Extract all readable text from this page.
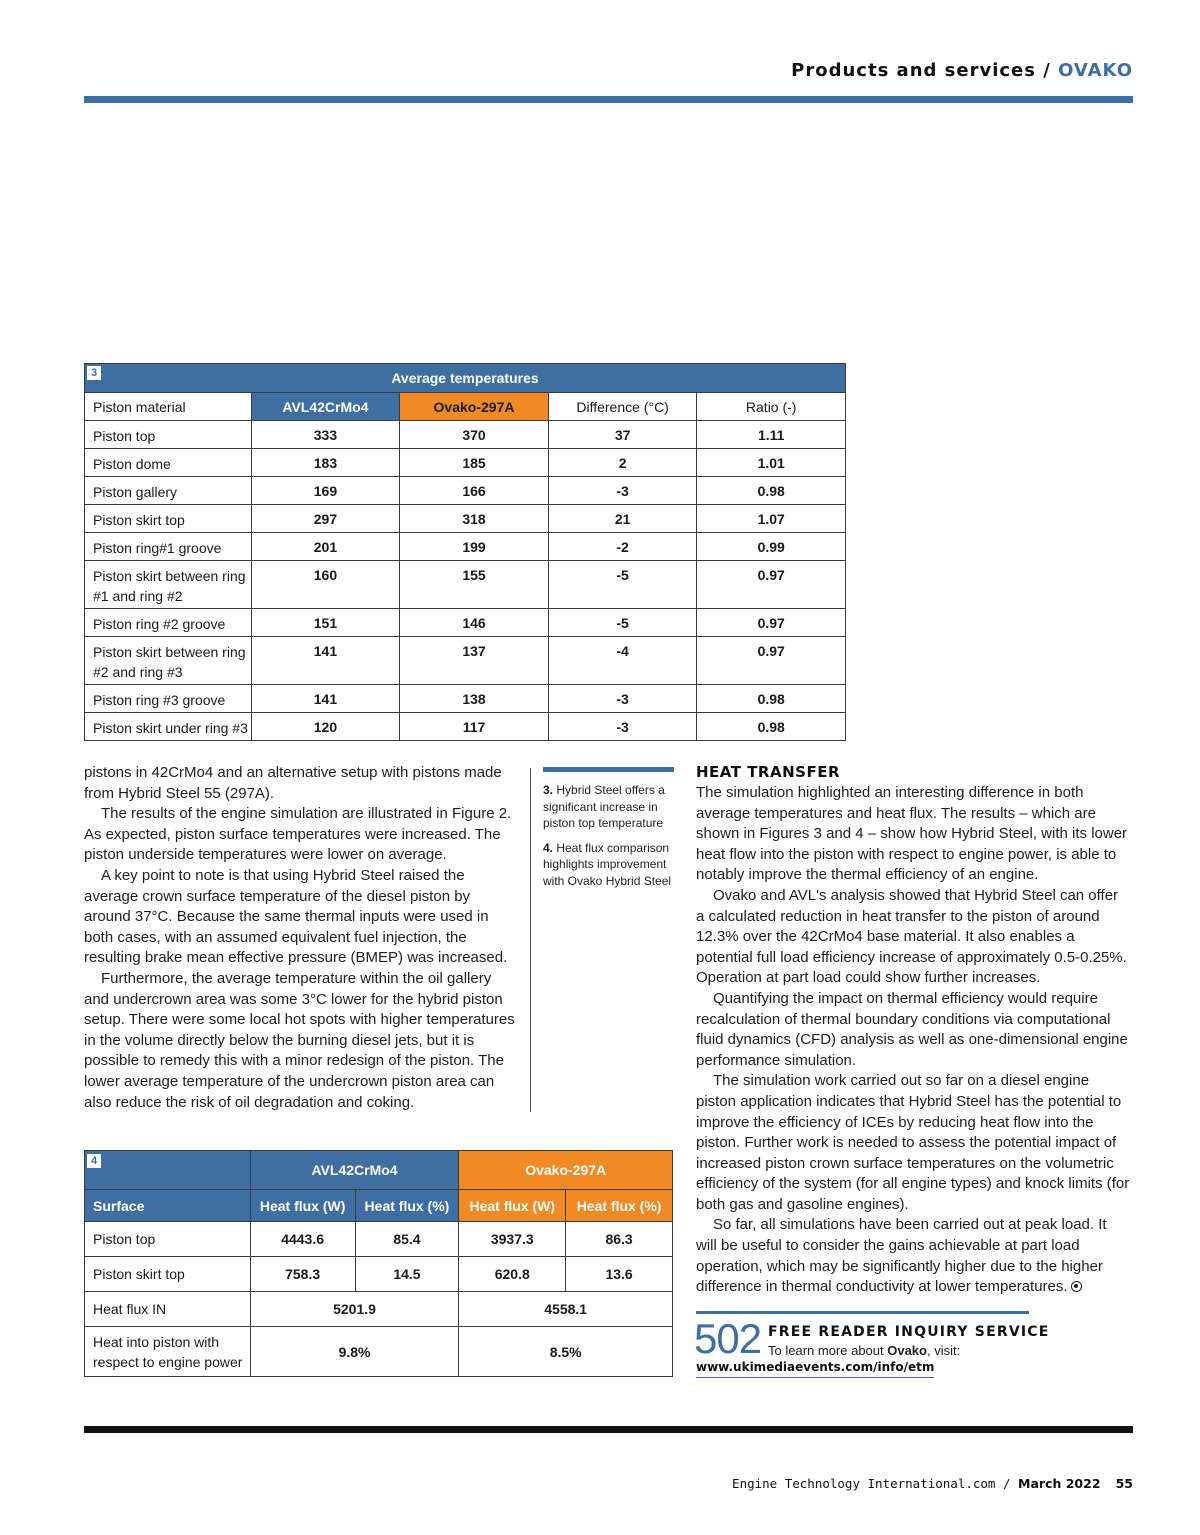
Products and services / OVAKO
3 Average temperatures				
Piston material	AVL42CrMo4	Ovako-297A	Difference (°C)	Ratio (-)
Piston top	333	370	37	1.11
Piston dome	183	185	2	1.01
Piston gallery	169	166	-3	0.98
Piston skirt top	297	318	21	1.07
Piston ring#1 groove	201	199	-2	0.99
Piston skirt between ring #1 and ring #2	160	155	-5	0.97
Piston ring #2 groove	151	146	-5	0.97
Piston skirt between ring #2 and ring #3	141	137	-4	0.97
Piston ring #3 groove	141	138	-3	0.98
Piston skirt under ring #3	120	117	-3	0.98

pistons in 42CrMo4 and an alternative setup with pistons made from Hybrid Steel 55 (297A).

The results of the engine simulation are illustrated in Figure 2. As expected, piston surface temperatures were increased. The piston underside temperatures were lower on average.

A key point to note is that using Hybrid Steel raised the average crown surface temperature of the diesel piston by around 37°C. Because the same thermal inputs were used in both cases, with an assumed equivalent fuel injection, the resulting brake mean effective pressure (BMEP) was increased.

Furthermore, the average temperature within the oil gallery and undercrown area was some 3°C lower for the hybrid piston setup. There were some local hot spots with higher temperatures in the volume directly below the burning diesel jets, but it is possible to remedy this with a minor redesign of the piston. The lower average temperature of the undercrown piston area can also reduce the risk of oil degradation and coking.

3. Hybrid Steel offers a significant increase in piston top temperature

4. Heat flux comparison highlights improvement with Ovako Hybrid Steel

HEAT TRANSFER

The simulation highlighted an interesting difference in both average temperatures and heat flux. The results – which are shown in Figures 3 and 4 – show how Hybrid Steel, with its lower heat flow into the piston with respect to engine power, is able to notably improve the thermal efficiency of an engine.

Ovako and AVL's analysis showed that Hybrid Steel can offer a calculated reduction in heat transfer to the piston of around 12.3% over the 42CrMo4 base material. It also enables a potential full load efficiency increase of approximately 0.5-0.25%. Operation at part load could show further increases.

Quantifying the impact on thermal efficiency would require recalculation of thermal boundary conditions via computational fluid dynamics (CFD) analysis as well as one-dimensional engine performance simulation.

The simulation work carried out so far on a diesel engine piston application indicates that Hybrid Steel has the potential to improve the efficiency of ICEs by reducing heat flow into the piston. Further work is needed to assess the potential impact of increased piston crown surface temperatures on the volumetric efficiency of the system (for all engine types) and knock limits (for both gas and gasoline engines).

So far, all simulations have been carried out at peak load. It will be useful to consider the gains achievable at part load operation, which may be significantly higher due to the higher difference in thermal conductivity at lower temperatures.

4	AVL42CrMo4		Ovako-297A	
Surface	Heat flux (W)	Heat flux (%)	Heat flux (W)	Heat flux (%)
Piston top	4443.6	85.4	3937.3	86.3
Piston skirt top	758.3	14.5	620.8	13.6
Heat flux IN	5201.9		4558.1	
Heat into piston with respect to engine power	9.8%		8.5%		502 FREE READER INQUIRY SERVICE
To learn more about Ovako, visit:
www.ukimediaevents.com/info/etm
Engine Technology International.com / March 2022 55
